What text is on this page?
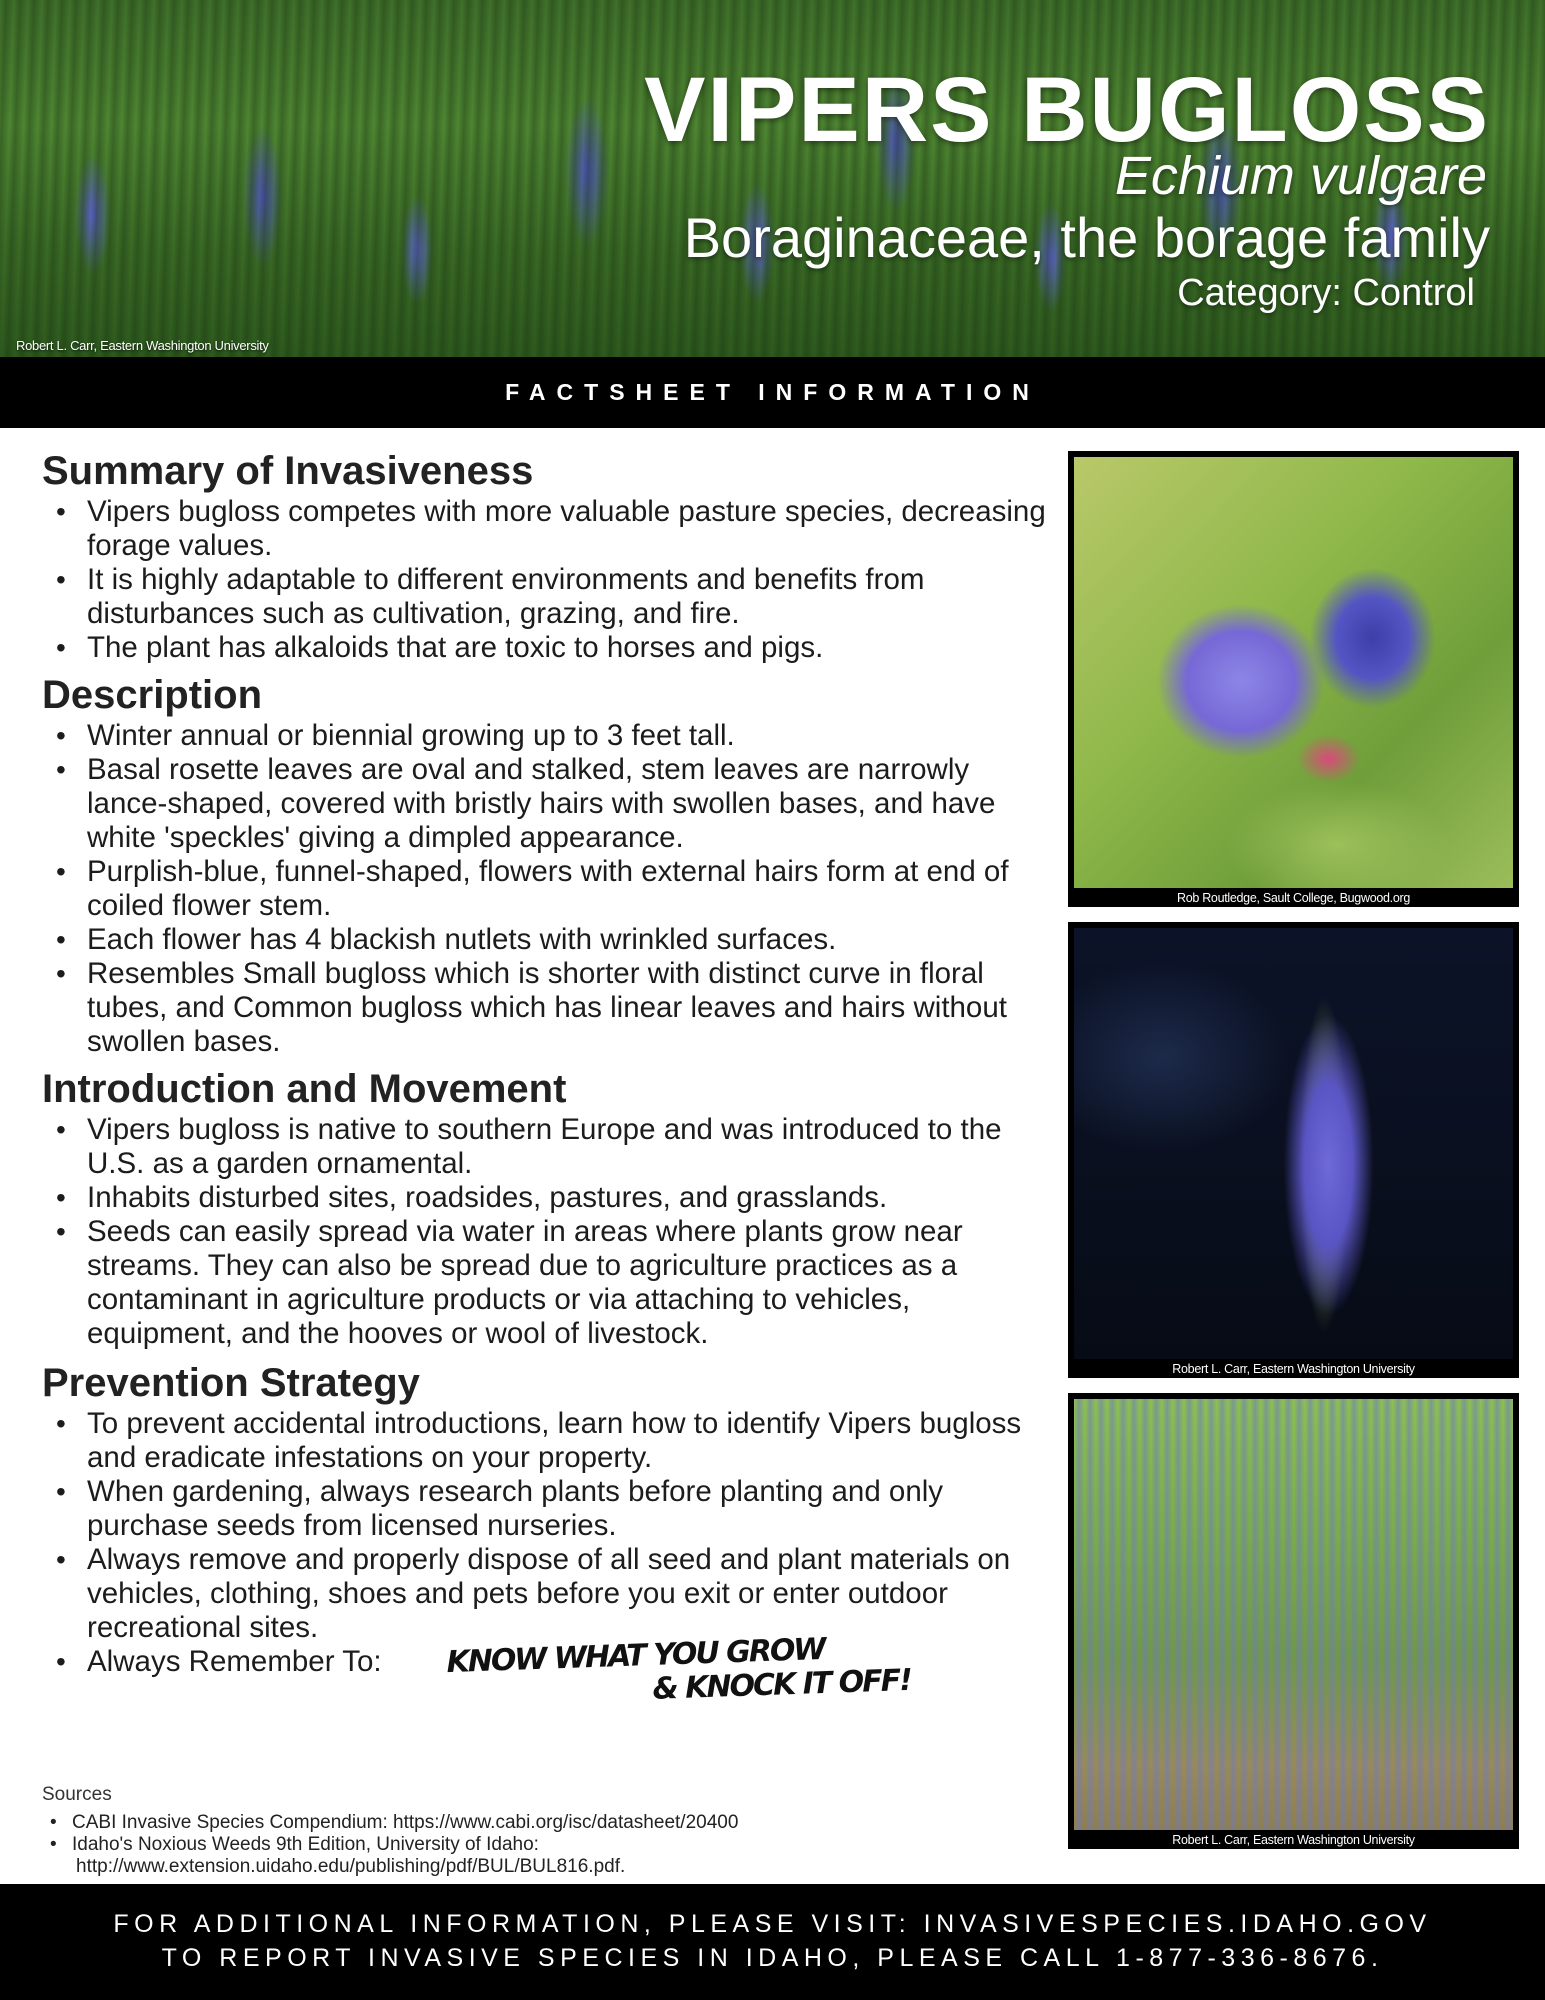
VIPERS BUGLOSS
Echium vulgare
Boraginaceae, the borage family
Category: Control
Robert L. Carr, Eastern Washington University
FACTSHEET INFORMATION
Summary of Invasiveness
• Vipers bugloss competes with more valuable pasture species, decreasing forage values.
• It is highly adaptable to different environments and benefits from disturbances such as cultivation, grazing, and fire.
• The plant has alkaloids that are toxic to horses and pigs.
Description
• Winter annual or biennial growing up to 3 feet tall.
• Basal rosette leaves are oval and stalked, stem leaves are narrowly lance-shaped, covered with bristly hairs with swollen bases, and have white 'speckles' giving a dimpled appearance.
• Purplish-blue, funnel-shaped, flowers with external hairs form at end of coiled flower stem.
• Each flower has 4 blackish nutlets with wrinkled surfaces.
• Resembles Small bugloss which is shorter with distinct curve in floral tubes, and Common bugloss which has linear leaves and hairs without swollen bases.
Introduction and Movement
• Vipers bugloss is native to southern Europe and was introduced to the U.S. as a garden ornamental.
• Inhabits disturbed sites, roadsides, pastures, and grasslands.
• Seeds can easily spread via water in areas where plants grow near streams. They can also be spread due to agriculture practices as a contaminant in agriculture products or via attaching to vehicles, equipment, and the hooves or wool of livestock.
Prevention Strategy
• To prevent accidental introductions, learn how to identify Vipers bugloss and eradicate infestations on your property.
• When gardening, always research plants before planting and only purchase seeds from licensed nurseries.
• Always remove and properly dispose of all seed and plant materials on vehicles, clothing, shoes and pets before you exit or enter outdoor recreational sites.
• Always Remember To: KNOW WHAT YOU GROW
& KNOCK IT OFF!
Sources
• CABI Invasive Species Compendium: https://www.cabi.org/isc/datasheet/20400
• Idaho's Noxious Weeds 9th Edition, University of Idaho:
http://www.extension.uidaho.edu/publishing/pdf/BUL/BUL816.pdf.
Rob Routledge, Sault College, Bugwood.org
Robert L. Carr, Eastern Washington University
Robert L. Carr, Eastern Washington University
FOR ADDITIONAL INFORMATION, PLEASE VISIT: INVASIVESPECIES.IDAHO.GOV
TO REPORT INVASIVE SPECIES IN IDAHO, PLEASE CALL 1-877-336-8676.
